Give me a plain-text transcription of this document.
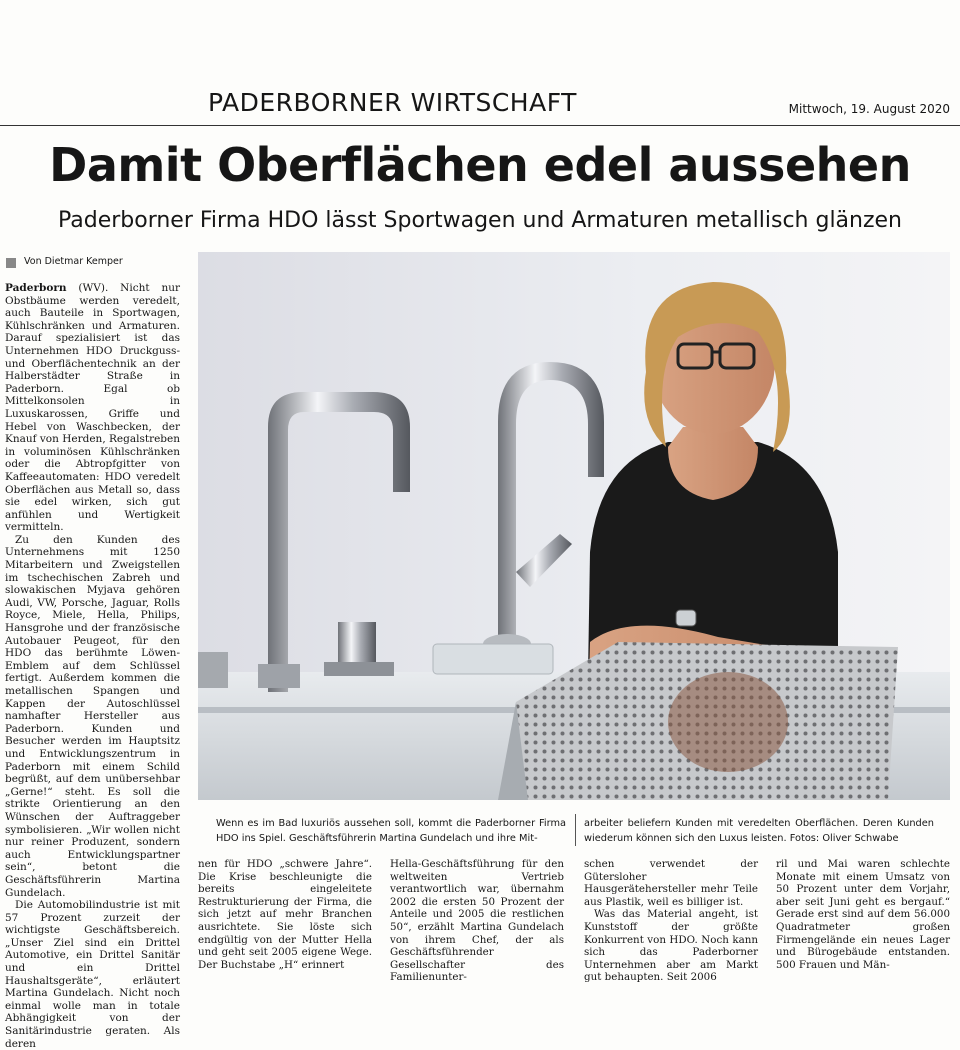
PADERBORNER WIRTSCHAFT	Mittwoch, 19. August 2020
Damit Oberflächen edel aussehen
Paderborner Firma HDO lässt Sportwagen und Armaturen metallisch glänzen
Von Dietmar Kemper

Paderborn (WV). Nicht nur Obstbäume werden veredelt, auch Bauteile in Sportwagen, Kühlschränken und Armaturen. Darauf spezialisiert ist das Unternehmen HDO Druckguss- und Oberflächentechnik an der Halberstädter Straße in Paderborn. Egal ob Mittelkonsolen in Luxuskarossen, Griffe und Hebel von Waschbecken, der Knauf von Herden, Regalstreben in voluminösen Kühlschränken oder die Abtropfgitter von Kaffeeautomaten: HDO veredelt Oberflächen aus Metall so, dass sie edel wirken, sich gut anfühlen und Wertigkeit vermitteln.

Zu den Kunden des Unternehmens mit 1250 Mitarbeitern und Zweigstellen im tschechischen Zabreh und slowakischen Myjava gehören Audi, VW, Porsche, Jaguar, Rolls Royce, Miele, Hella, Philips, Hansgrohe und der französische Autobauer Peugeot, für den HDO das berühmte Löwen-Emblem auf dem Schlüssel fertigt. Außerdem kommen die metallischen Spangen und Kappen der Autoschlüssel namhafter Hersteller aus Paderborn. Kunden und Besucher werden im Hauptsitz und Entwicklungszentrum in Paderborn mit einem Schild begrüßt, auf dem unübersehbar „Gerne!“ steht. Es soll die strikte Orientierung an den Wünschen der Auftraggeber symbolisieren. „Wir wollen nicht nur reiner Produzent, sondern auch Entwicklungspartner sein“, betont die Geschäftsführerin Martina Gundelach.

Die Automobilindustrie ist mit 57 Prozent zurzeit der wichtigste Geschäftsbereich. „Unser Ziel sind ein Drittel Automotive, ein Drittel Sanitär und ein Drittel Haushaltsgeräte“, erläutert Martina Gundelach. Nicht noch einmal wolle man in totale Abhängigkeit von der Sanitärindustrie geraten. Als deren

Wenn es im Bad luxuriös aussehen soll, kommt die Paderborner Firma HDO ins Spiel. Geschäftsführerin Martina Gundelach und ihre Mit-
arbeiter beliefern Kunden mit veredelten Oberflächen. Deren Kunden wiederum können sich den Luxus leisten. Fotos: Oliver Schwabe

nen für HDO „schwere Jahre“. Die Krise beschleunigte die bereits eingeleitete Restrukturierung der Firma, die sich jetzt auf mehr Branchen ausrichtete. Sie löste sich endgültig von der Mutter Hella und geht seit 2005 eigene Wege. Der Buchstabe „H“ erinnert

Hella-Geschäftsführung für den weltweiten Vertrieb verantwortlich war, übernahm 2002 die ersten 50 Prozent der Anteile und 2005 die restlichen 50“, erzählt Martina Gundelach von ihrem Chef, der als Geschäftsführender Gesellschafter des Familienunter-

schen verwendet der Gütersloher Hausgerätehersteller mehr Teile aus Plastik, weil es billiger ist.

Was das Material angeht, ist Kunststoff der größte Konkurrent von HDO. Noch kann sich das Paderborner Unternehmen aber am Markt gut behaupten. Seit 2006

ril und Mai waren schlechte Monate mit einem Umsatz von 50 Prozent unter dem Vorjahr, aber seit Juni geht es bergauf.“ Gerade erst sind auf dem 56.000 Quadratmeter großen Firmengelände ein neues Lager und Bürogebäude entstanden. 500 Frauen und Män-
